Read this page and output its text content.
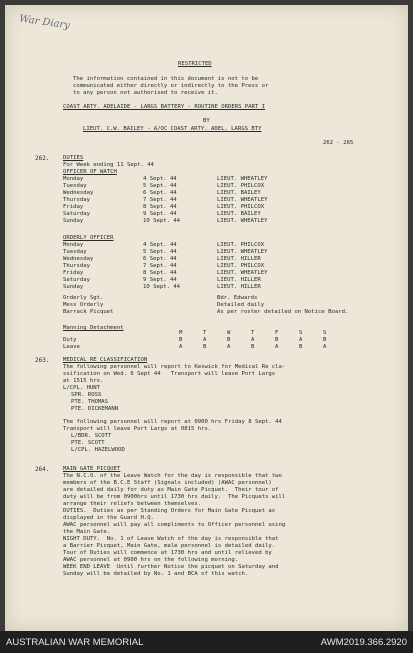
War Diary
RESTRICTED
The information contained in this document is not to be
communicated either directly or indirectly to the Press or
to any person not authorised to receive it.
COAST ARTY. ADELAIDE - LARGS BATTERY - ROUTINE ORDERS PART I
BY
LIEUT. C.W. BAILEY - A/OC COAST ARTY. ADEL. LARGS BTY
262 - 265
262. DUTIES
For Week ending 11 Sept. 44
OFFICER OF WATCH
Monday	4 Sept. 44	LIEUT. WHEATLEY
Tuesday	5 Sept. 44	LIEUT. PHILCOX
Wednesday	6 Sept. 44	LIEUT. BAILEY
Thursday	7 Sept. 44	LIEUT. WHEATLEY
Friday	8 Sept. 44	LIEUT. PHILCOX
Saturday	9 Sept. 44	LIEUT. BAILEY
Sunday	10 Sept. 44	LIEUT. WHEATLEY
ORDERLY OFFICER
Monday	4 Sept. 44	LIEUT. PHILCOX
Tuesday	5 Sept. 44	LIEUT. WHEATLEY
Wednesday	6 Sept. 44	LIEUT. HILLER
Thursday	7 Sept. 44	LIEUT. PHILCOX
Friday	8 Sept. 44	LIEUT. WHEATLEY
Saturday	9 Sept. 44	LIEUT. HILLER
Sunday	10 Sept. 44	LIEUT. HILLER
Orderly Sgt.	Bdr. Edwards
Mess Orderly	Detailed daily
Barrack Picquet	As per roster detailed on Notice Board.
Manning Detachment
M	T	W	T	F	S	S
Duty	B	A	B	A	B	A	B
Leave	A	B	A	B	A	B	A
263. MEDICAL RE CLASSIFICATION
The following personnel will report to Keswick for Medical Re cla-
ssification on Wed. 6 Sept 44   Transport will leave Port Largs
at 1515 hrs.
L/CPL. HUNT
SPR. ROSS
PTE. THOMAS
PTE. DICKEMANN
The following personnel will report at 0900 hrs Friday 8 Sept. 44
Transport will leave Port Largs at 0815 hrs.
L/BDR. SCOTT
PTE. SCOTT
L/CPL. HAZELWOOD
264. MAIN GATE PICQUET
The N.C.O. of the Leave Watch for the day is responsible that two
members of the B.C.E Staff (Signals included) (AWAC personnel)
are detailed daily for duty as Main Gate Picquet.  Their tour of
duty will be from 0900hrs until 1730 hrs daily.  The Picquets will
arrange their reliefs between themselves.
DUTIES.  Duties as per Standing Orders for Main Gate Picquet as
displayed in the Guard H.Q.
AWAC personnel will pay all compliments to Officer personnel using
the Main Gate.
NIGHT DUTY.  No. 1 of Leave Watch of the day is responsible that
a Barrier Picquet, Main Gate, male personnel is detailed daily.
Tour of Duties will commence at 1730 hrs and until relieved by
AWAC personnel at 0900 hrs on the following morning.
WEEK END LEAVE  Until further Notice the picquet on Saturday and
Sunday will be detailed by No. 1 and BCA of this watch.
AUSTRALIAN WAR MEMORIAL	AWM2019.366.2920
